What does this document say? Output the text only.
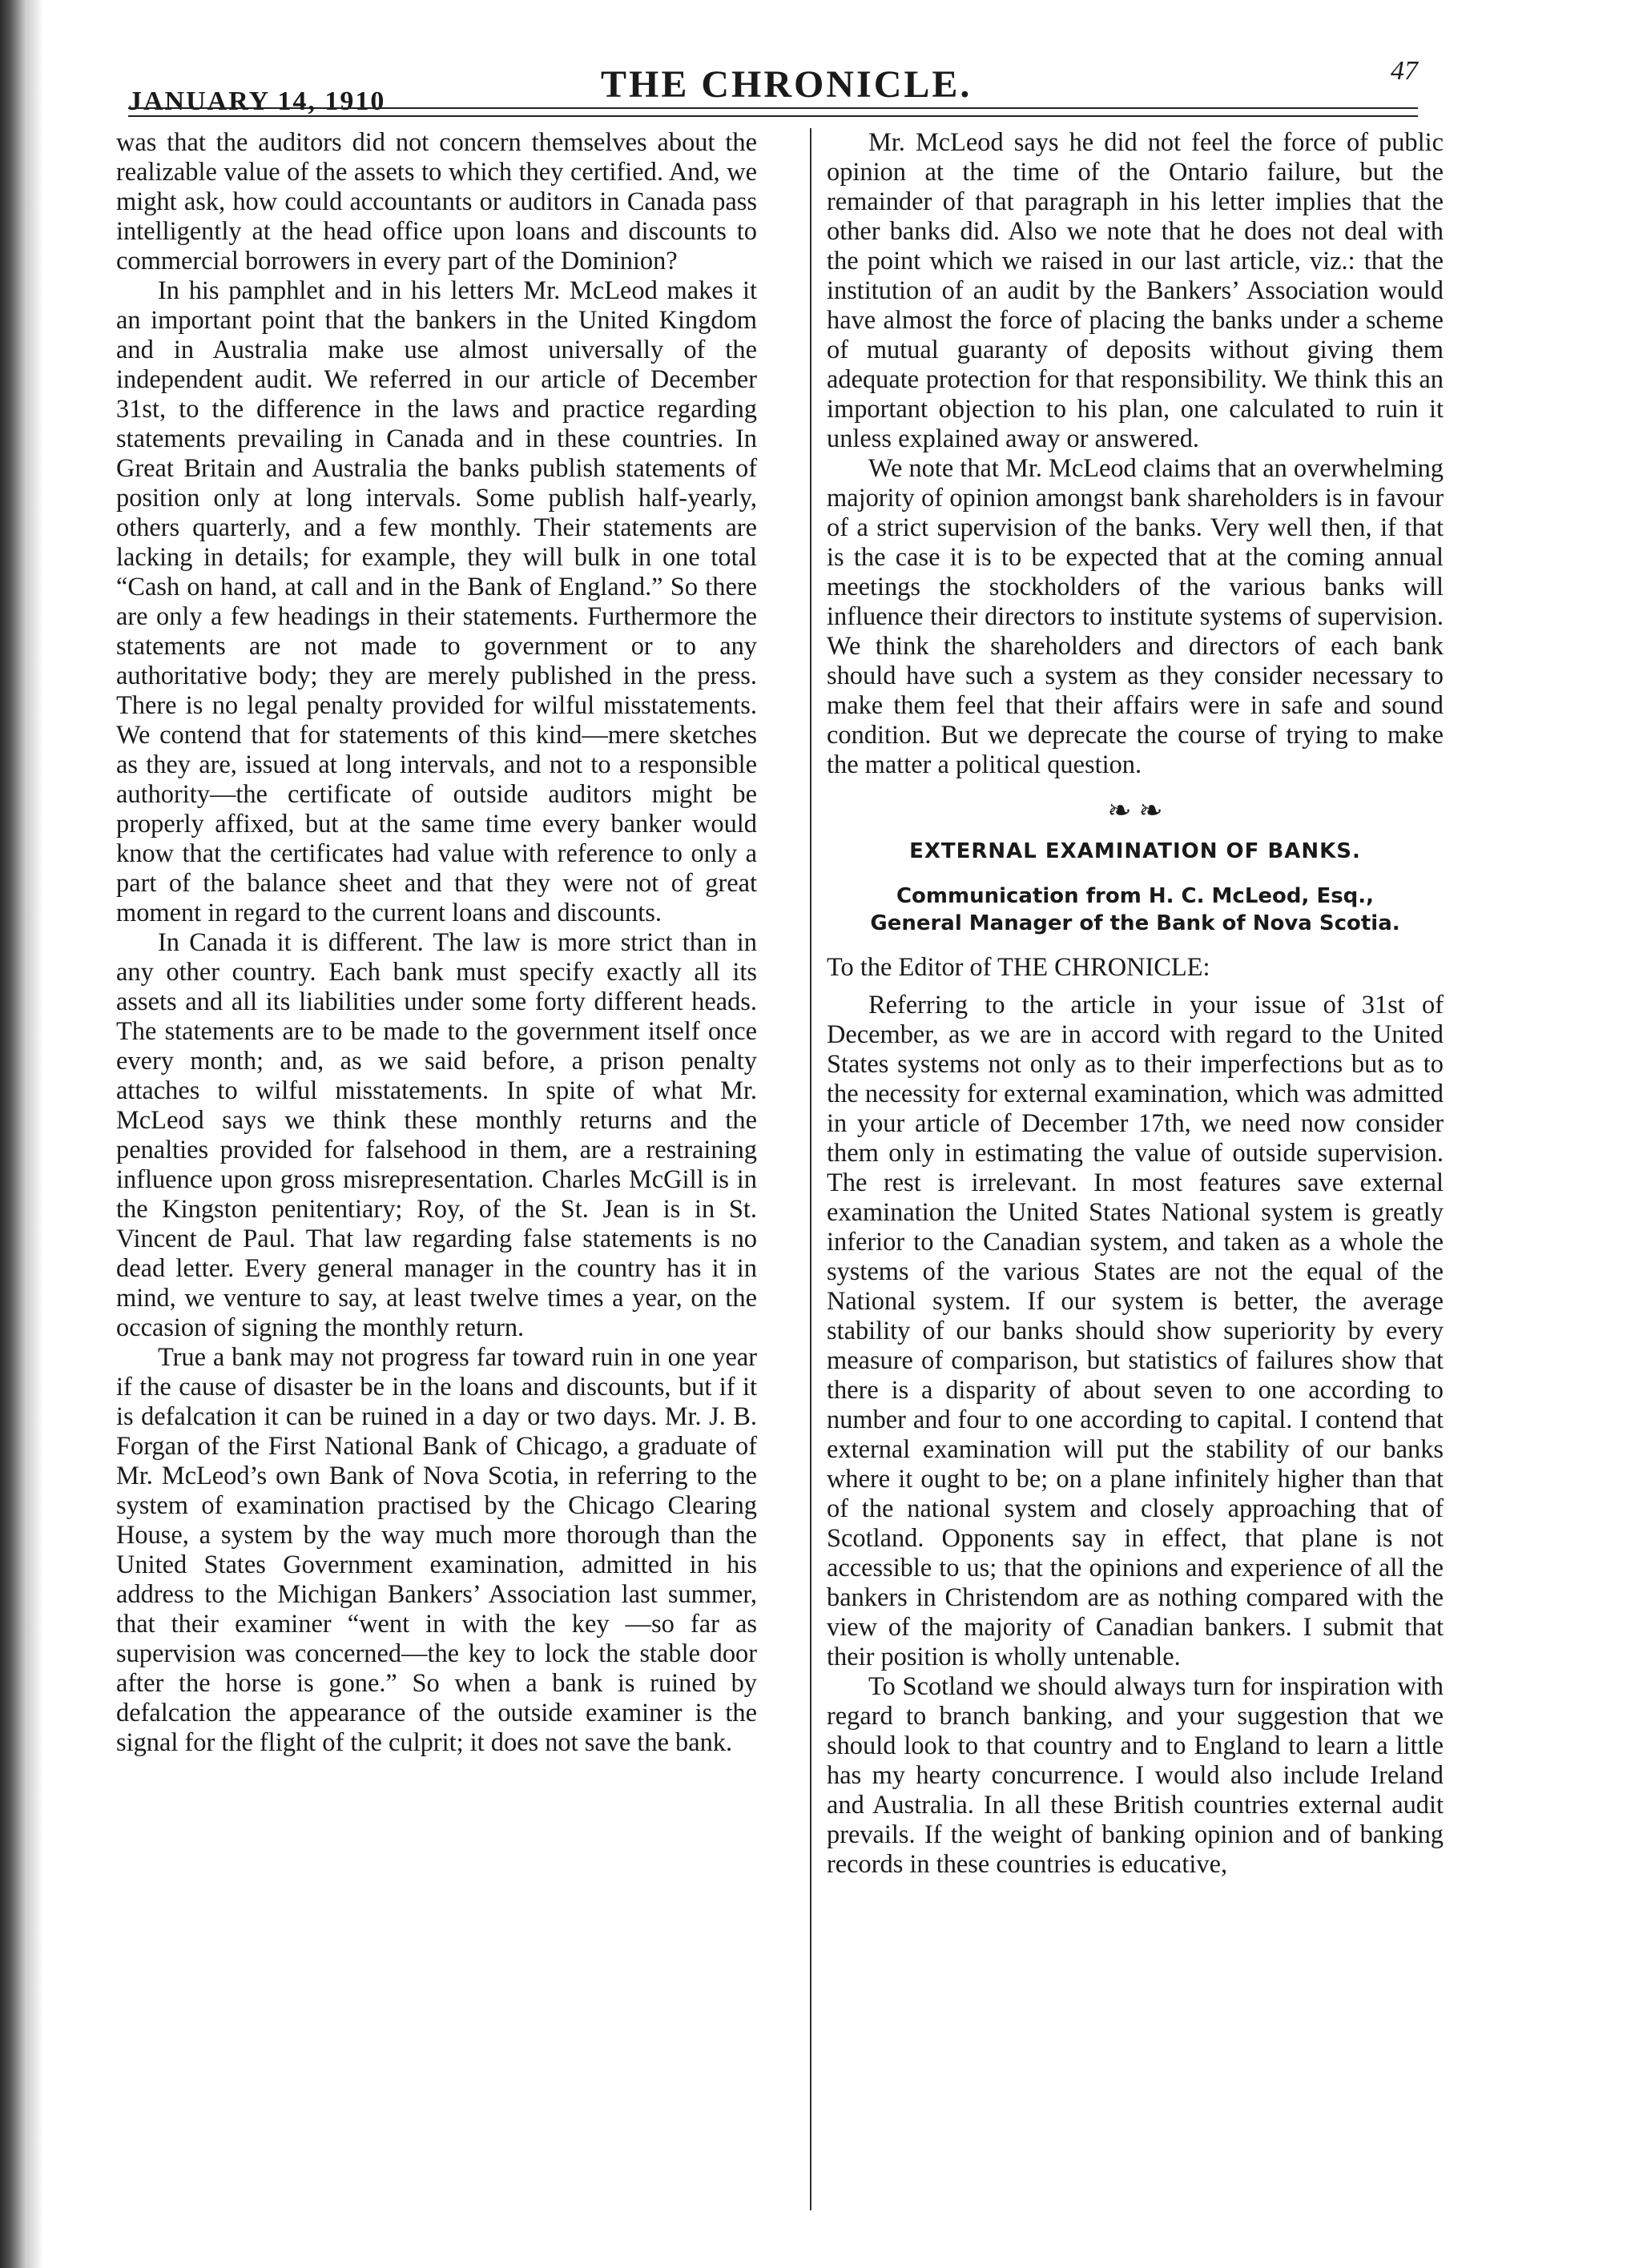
JANUARY 14, 1910	THE CHRONICLE.	47

was that the auditors did not concern themselves about the realizable value of the assets to which they certified. And, we might ask, how could accountants or auditors in Canada pass intelligently at the head office upon loans and discounts to commercial borrowers in every part of the Dominion?

In his pamphlet and in his letters Mr. McLeod makes it an important point that the bankers in the United Kingdom and in Australia make use almost universally of the independent audit. We referred in our article of December 31st, to the difference in the laws and practice regarding statements prevailing in Canada and in these countries. In Great Britain and Australia the banks publish statements of position only at long intervals. Some publish half-yearly, others quarterly, and a few monthly. Their statements are lacking in details; for example, they will bulk in one total “Cash on hand, at call and in the Bank of England.” So there are only a few headings in their statements. Furthermore the statements are not made to government or to any authoritative body; they are merely published in the press. There is no legal penalty provided for wilful misstatements. We contend that for statements of this kind—mere sketches as they are, issued at long intervals, and not to a responsible authority—the certificate of outside auditors might be properly affixed, but at the same time every banker would know that the certificates had value with reference to only a part of the balance sheet and that they were not of great moment in regard to the current loans and discounts.

In Canada it is different. The law is more strict than in any other country. Each bank must specify exactly all its assets and all its liabilities under some forty different heads. The statements are to be made to the government itself once every month; and, as we said before, a prison penalty attaches to wilful misstatements. In spite of what Mr. McLeod says we think these monthly returns and the penalties provided for falsehood in them, are a restraining influence upon gross misrepresentation. Charles McGill is in the Kingston penitentiary; Roy, of the St. Jean is in St. Vincent de Paul. That law regarding false statements is no dead letter. Every general manager in the country has it in mind, we venture to say, at least twelve times a year, on the occasion of signing the monthly return.

True a bank may not progress far toward ruin in one year if the cause of disaster be in the loans and discounts, but if it is defalcation it can be ruined in a day or two days. Mr. J. B. Forgan of the First National Bank of Chicago, a graduate of Mr. McLeod’s own Bank of Nova Scotia, in referring to the system of examination practised by the Chicago Clearing House, a system by the way much more thorough than the United States Government examination, admitted in his address to the Michigan Bankers’ Association last summer, that their examiner “went in with the key —so far as supervision was concerned—the key to lock the stable door after the horse is gone.” So when a bank is ruined by defalcation the appearance of the outside examiner is the signal for the flight of the culprit; it does not save the bank.

Mr. McLeod says he did not feel the force of public opinion at the time of the Ontario failure, but the remainder of that paragraph in his letter implies that the other banks did. Also we note that he does not deal with the point which we raised in our last article, viz.: that the institution of an audit by the Bankers’ Association would have almost the force of placing the banks under a scheme of mutual guaranty of deposits without giving them adequate protection for that responsibility. We think this an important objection to his plan, one calculated to ruin it unless explained away or answered.

We note that Mr. McLeod claims that an overwhelming majority of opinion amongst bank shareholders is in favour of a strict supervision of the banks. Very well then, if that is the case it is to be expected that at the coming annual meetings the stockholders of the various banks will influence their directors to institute systems of supervision. We think the shareholders and directors of each bank should have such a system as they consider necessary to make them feel that their affairs were in safe and sound condition. But we deprecate the course of trying to make the matter a political question.

❧ ❧
EXTERNAL EXAMINATION OF BANKS.
Communication from H. C. McLeod, Esq., General Manager of the Bank of Nova Scotia.

To the Editor of THE CHRONICLE:

Referring to the article in your issue of 31st of December, as we are in accord with regard to the United States systems not only as to their imperfections but as to the necessity for external examination, which was admitted in your article of December 17th, we need now consider them only in estimating the value of outside supervision. The rest is irrelevant. In most features save external examination the United States National system is greatly inferior to the Canadian system, and taken as a whole the systems of the various States are not the equal of the National system. If our system is better, the average stability of our banks should show superiority by every measure of comparison, but statistics of failures show that there is a disparity of about seven to one according to number and four to one according to capital. I contend that external examination will put the stability of our banks where it ought to be; on a plane infinitely higher than that of the national system and closely approaching that of Scotland. Opponents say in effect, that plane is not accessible to us; that the opinions and experience of all the bankers in Christendom are as nothing compared with the view of the majority of Canadian bankers. I submit that their position is wholly untenable.

To Scotland we should always turn for inspiration with regard to branch banking, and your suggestion that we should look to that country and to England to learn a little has my hearty concurrence. I would also include Ireland and Australia. In all these British countries external audit prevails. If the weight of banking opinion and of banking records in these countries is educative,
